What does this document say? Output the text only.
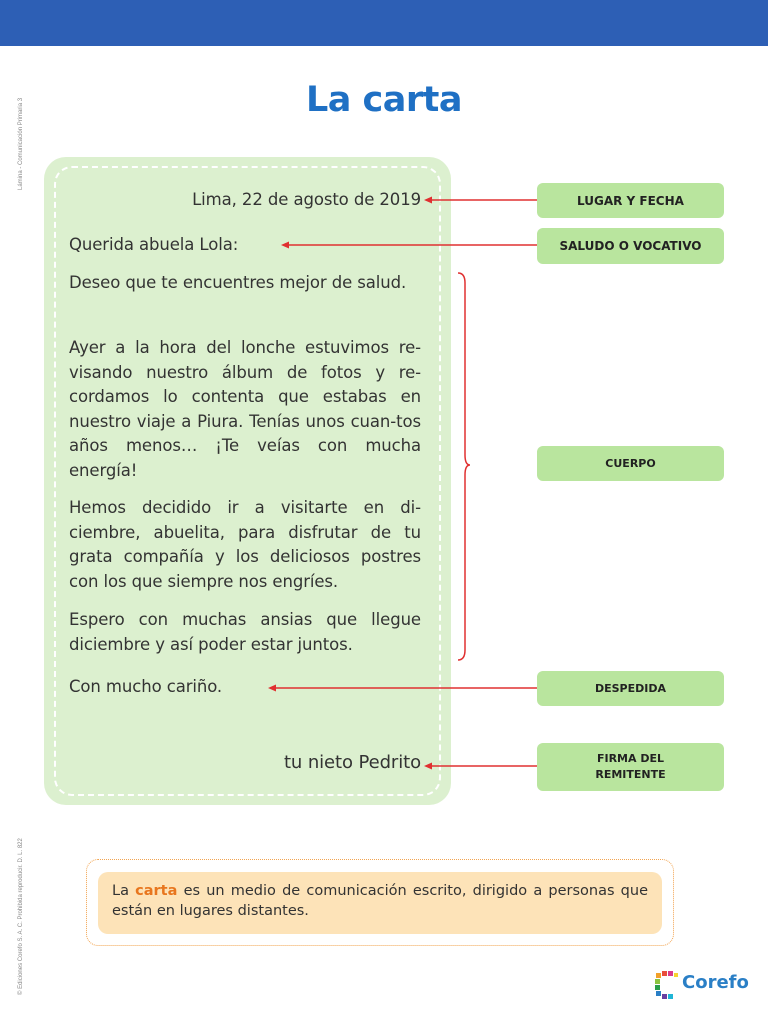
Lámina - Comunicación Primaria 3
© Ediciones Corefo S. A. C. Prohibida reproducir. D. L. 822
La carta

Lima, 22 de agosto de 2019

Querida abuela Lola:

Deseo que te encuentres mejor de salud.

Ayer a la hora del lonche estuvimos re-visando nuestro álbum de fotos y re-cordamos lo contenta que estabas en nuestro viaje a Piura. Tenías unos cuan-tos años menos… ¡Te veías con mucha energía!

Hemos decidido ir a visitarte en di-ciembre, abuelita, para disfrutar de tu grata compañía y los deliciosos postres con los que siempre nos engríes.

Espero con muchas ansias que llegue diciembre y así poder estar juntos.

Con mucho cariño.

tu nieto Pedrito

LUGAR Y FECHA
SALUDO O VOCATIVO
CUERPO
DESPEDIDA
FIRMA DEL
REMITENTE
La carta es un medio de comunicación escrito, dirigido a personas que están en lugares distantes.
Corefo
